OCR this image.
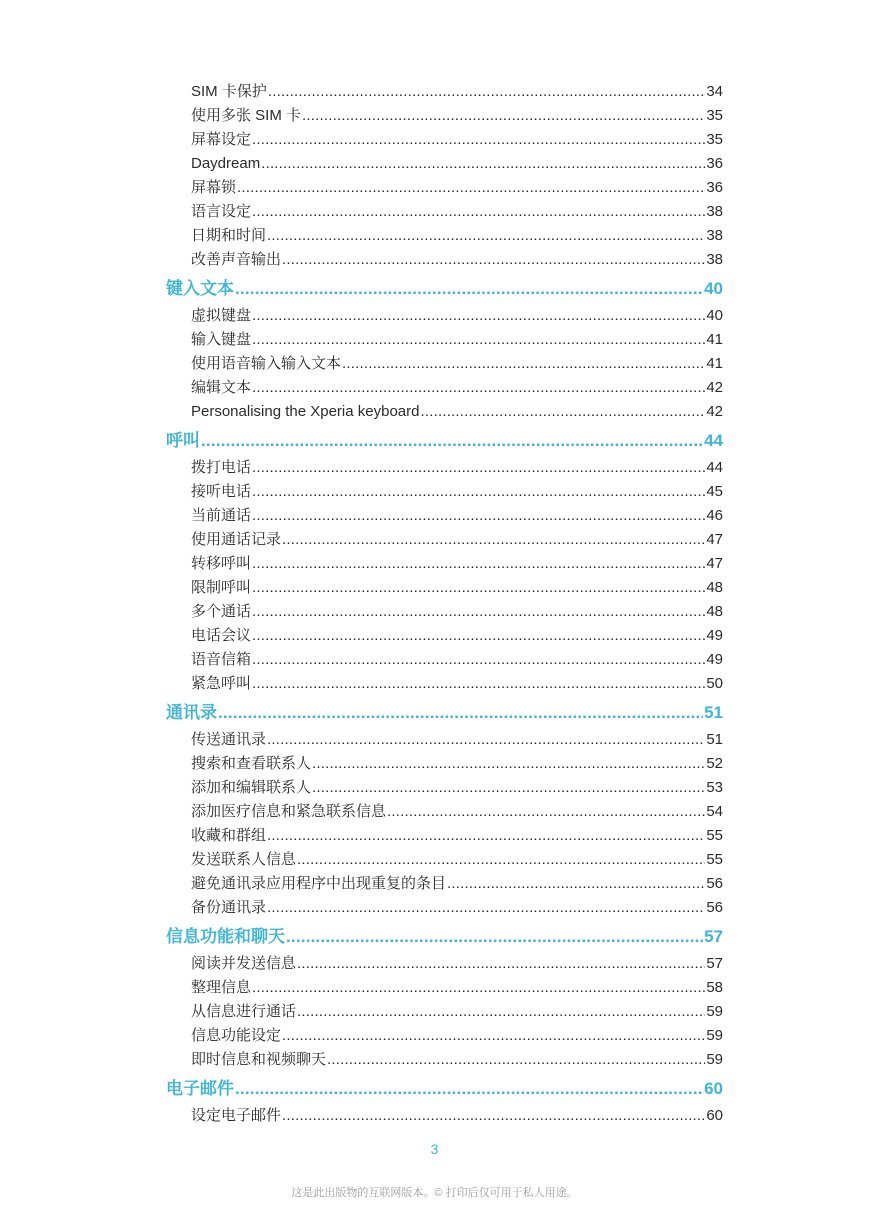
SIM 卡保护 .....	34
使用多张 SIM 卡 .....	35
屏幕设定 .....	35
Daydream .....	36
屏幕锁 .....	36
语言设定 .....	38
日期和时间 .....	38
改善声音输出 .....	38
键入文本 .....	40
虚拟键盘 .....	40
输入键盘 .....	41
使用语音输入输入文本 .....	41
编辑文本 .....	42
Personalising the Xperia keyboard .....	42
呼叫 .....	44
拨打电话 .....	44
接听电话 .....	45
当前通话 .....	46
使用通话记录 .....	47
转移呼叫 .....	47
限制呼叫 .....	48
多个通话 .....	48
电话会议 .....	49
语音信箱 .....	49
紧急呼叫 .....	50
通讯录 .....	51
传送通讯录 .....	51
搜索和查看联系人 .....	52
添加和编辑联系人 .....	53
添加医疗信息和紧急联系信息 .....	54
收藏和群组 .....	55
发送联系人信息 .....	55
避免通讯录应用程序中出现重复的条目 .....	56
备份通讯录 .....	56
信息功能和聊天 .....	57
阅读并发送信息 .....	57
整理信息 .....	58
从信息进行通话 .....	59
信息功能设定 .....	59
即时信息和视频聊天 .....	59
电子邮件 .....	60
设定电子邮件 .....	60
3
这是此出版物的互联网版本。© 打印后仅可用于私人用途。
